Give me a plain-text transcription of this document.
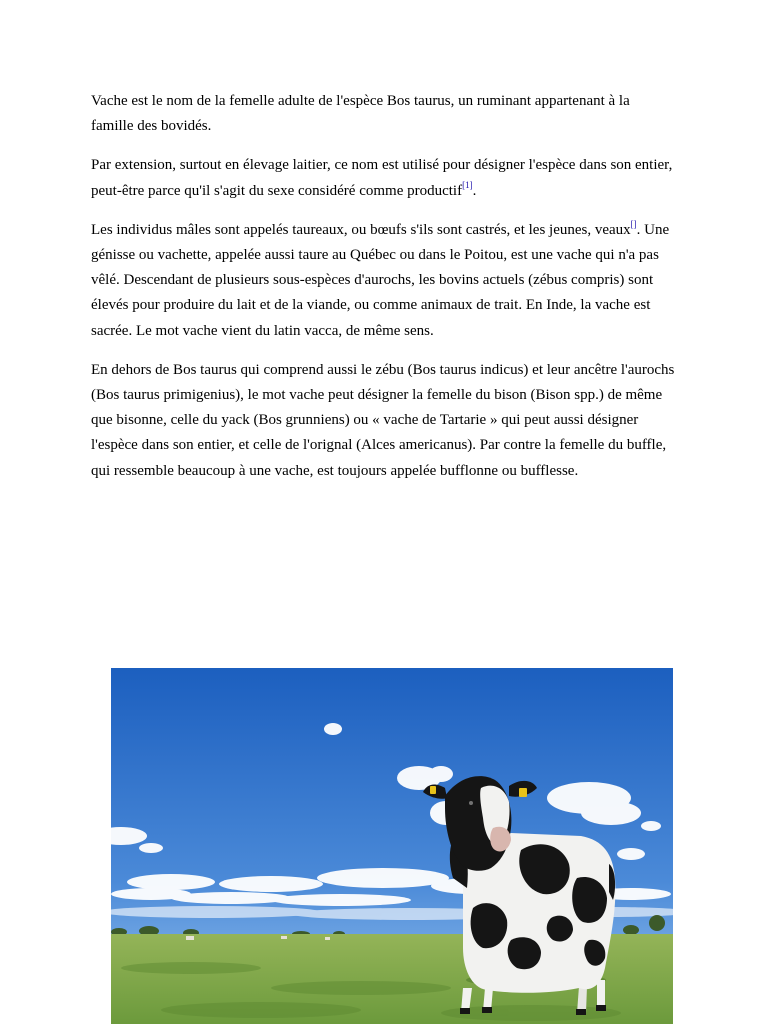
Vache est le nom de la femelle adulte de l'espèce Bos taurus, un ruminant appartenant à la famille des bovidés.

Par extension, surtout en élevage laitier, ce nom est utilisé pour désigner l'espèce dans son entier, peut-être parce qu'il s'agit du sexe considéré comme productif[1].

Les individus mâles sont appelés taureaux, ou bœufs s'ils sont castrés, et les jeunes, veaux[]. Une génisse ou vachette, appelée aussi taure au Québec ou dans le Poitou, est une vache qui n'a pas vêlé. Descendant de plusieurs sous-espèces d'aurochs, les bovins actuels (zébus compris) sont élevés pour produire du lait et de la viande, ou comme animaux de trait. En Inde, la vache est sacrée. Le mot vache vient du latin vacca, de même sens.

En dehors de Bos taurus qui comprend aussi le zébu (Bos taurus indicus) et leur ancêtre l'aurochs (Bos taurus primigenius), le mot vache peut désigner la femelle du bison (Bison spp.) de même que bisonne, celle du yack (Bos grunniens) ou « vache de Tartarie » qui peut aussi désigner l'espèce dans son entier, et celle de l'orignal (Alces americanus). Par contre la femelle du buffle, qui ressemble beaucoup à une vache, est toujours appelée bufflonne ou bufflesse.
